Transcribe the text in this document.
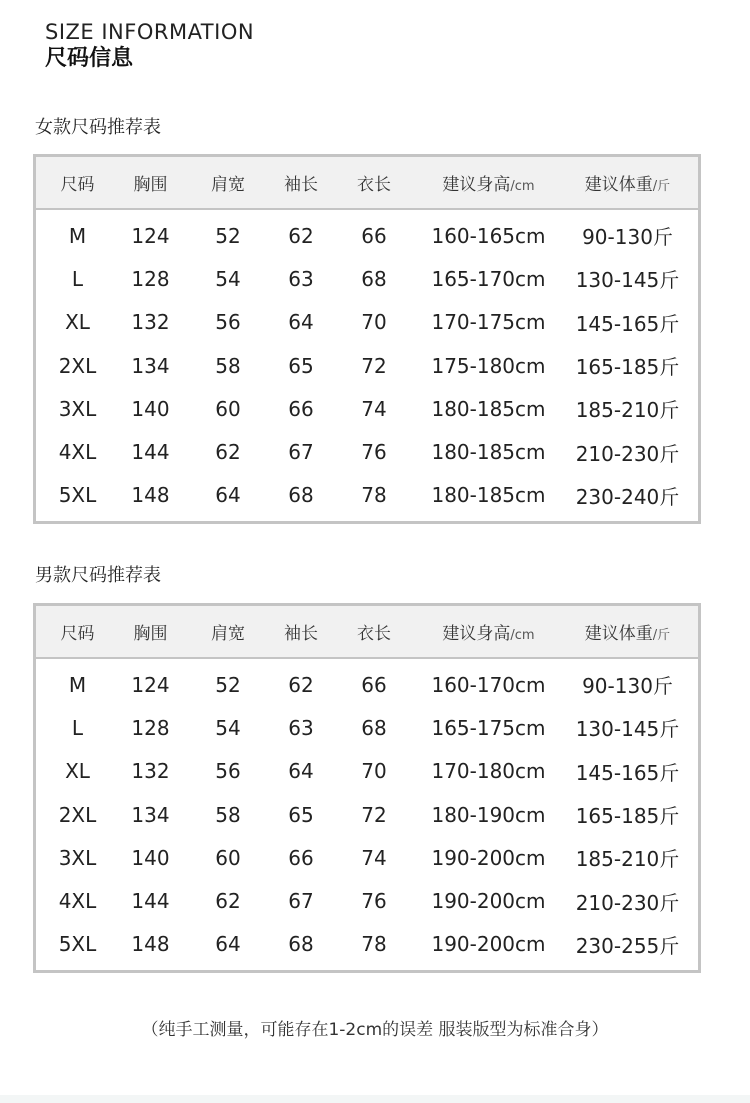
SIZE INFORMATION
尺码信息
女款尺码推荐表
尺码	胸围	肩宽	袖长	衣长	建议身高/cm	建议体重/斤
M	124	52	62	66	160-165cm	90-130斤
L	128	54	63	68	165-170cm	130-145斤
XL	132	56	64	70	170-175cm	145-165斤
2XL	134	58	65	72	175-180cm	165-185斤
3XL	140	60	66	74	180-185cm	185-210斤
4XL	144	62	67	76	180-185cm	210-230斤
5XL	148	64	68	78	180-185cm	230-240斤
男款尺码推荐表
尺码	胸围	肩宽	袖长	衣长	建议身高/cm	建议体重/斤
M	124	52	62	66	160-170cm	90-130斤
L	128	54	63	68	165-175cm	130-145斤
XL	132	56	64	70	170-180cm	145-165斤
2XL	134	58	65	72	180-190cm	165-185斤
3XL	140	60	66	74	190-200cm	185-210斤
4XL	144	62	67	76	190-200cm	210-230斤
5XL	148	64	68	78	190-200cm	230-255斤
（纯手工测量，可能存在1-2cm的误差 服装版型为标准合身）
